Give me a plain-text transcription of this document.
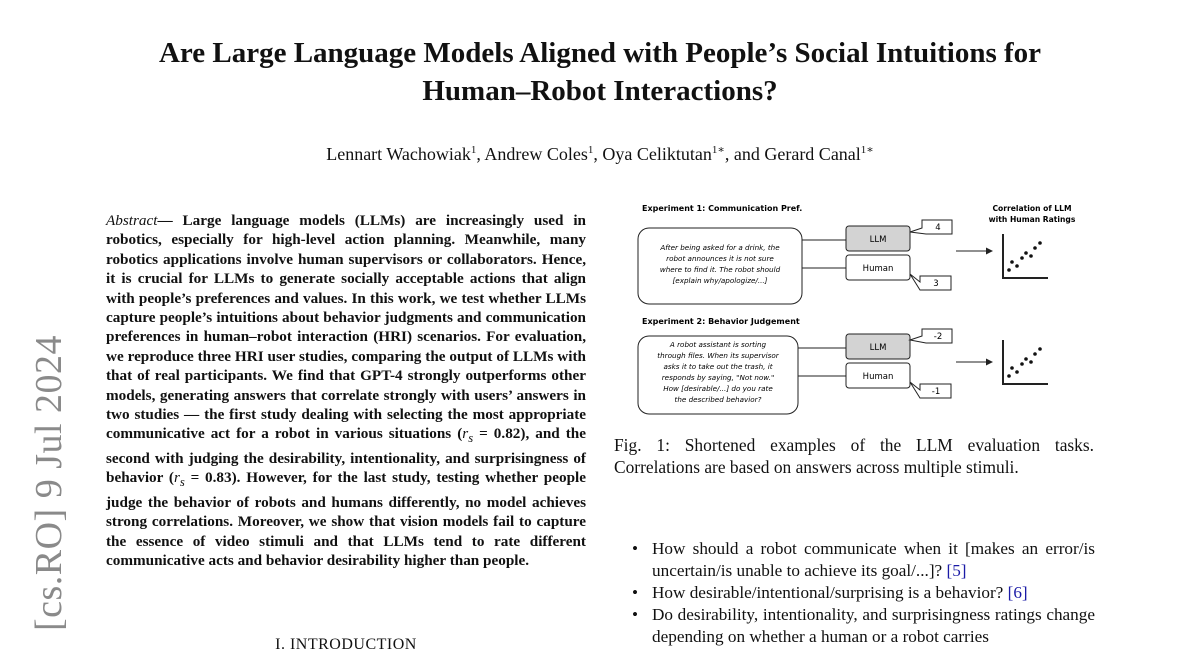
[cs.RO] 9 Jul 2024
Are Large Language Models Aligned with People’s Social Intuitions for
Human–Robot Interactions?
Lennart Wachowiak$^1$, Andrew Coles$^1$, Oya Celiktutan$^{1∗}$, and Gerard Canal$^{1∗}$

Abstract— Large language models (LLMs) are increasingly used in robotics, especially for high-level action planning. Meanwhile, many robotics applications involve human supervisors or collaborators. Hence, it is crucial for LLMs to generate socially acceptable actions that align with people’s preferences and values. In this work, we test whether LLMs capture people’s intuitions about behavior judgments and communication preferences in human–robot interaction (HRI) scenarios. For evaluation, we reproduce three HRI user studies, comparing the output of LLMs with that of real participants. We find that GPT-4 strongly outperforms other models, generating answers that correlate strongly with users’ answers in two studies — the first study dealing with selecting the most appropriate communicative act for a robot in various situations $(r_s = 0.82)$, and the second with judging the desirability, intentionality, and surprisingness of behavior $(r_s = 0.83)$. However, for the last study, testing whether people judge the behavior of robots and humans differently, no model achieves strong correlations. Moreover, we show that vision models fail to capture the essence of video stimuli and that LLMs tend to rate different communicative acts and behavior desirability higher than people.

I. INTRODUCTION
Experiment 1: Communication Pref.
After being asked for a drink, the
robot announces it is not sure
where to find it. The robot should
[explain why/apologize/...]
LLM
Human
4
3
Correlation of LLM
with Human Ratings
Experiment 2: Behavior Judgement
A robot assistant is sorting
through files. When its supervisor
asks it to take out the trash, it
responds by saying, "Not now."
How [desirable/...] do you rate
the described behavior?
LLM
Human
-2
-1
Fig. 1: Shortened examples of the LLM evaluation tasks. Correlations are based on answers across multiple stimuli.
• How should a robot communicate when it [makes an error/is uncertain/is unable to achieve its goal/...]? [5]
• How desirable/intentional/surprising is a behavior? [6]
• Do desirability, intentionality, and surprisingness ratings change depending on whether a human or a robot carries
